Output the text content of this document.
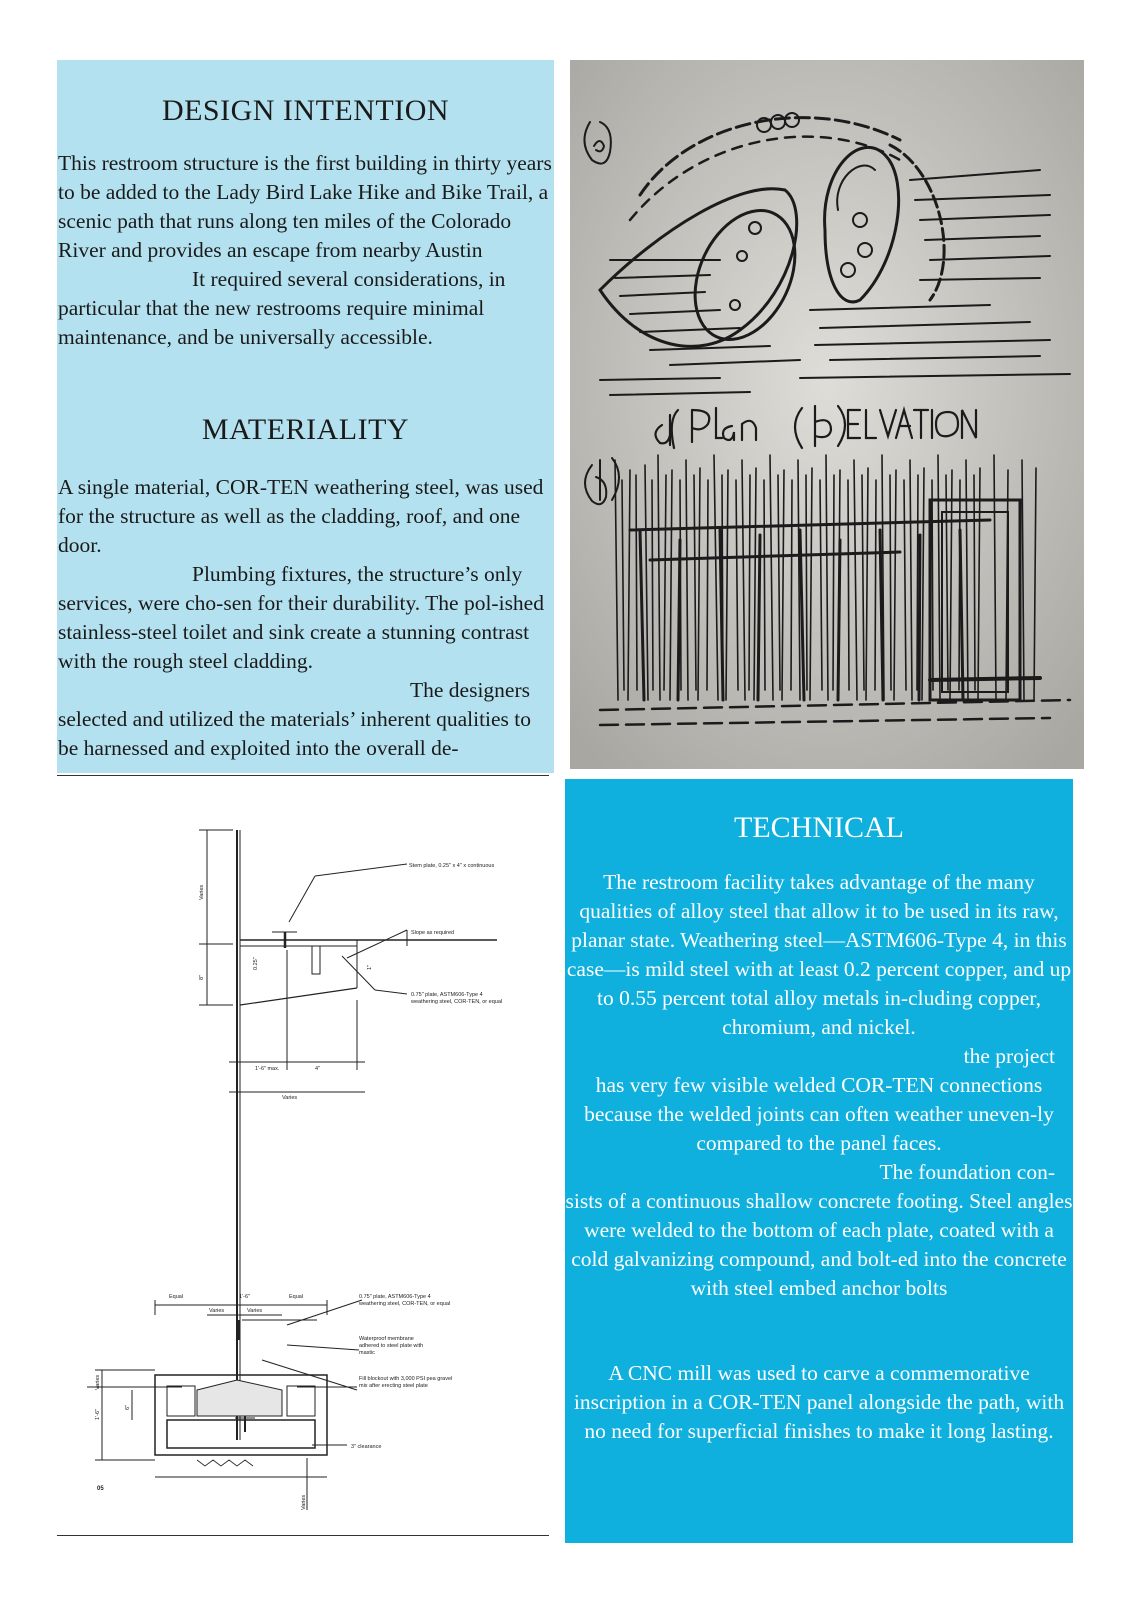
DESIGN INTENTION
This restroom structure is the first building in thirty years to be added to the Lady Bird Lake Hike and Bike Trail, a scenic path that runs along ten miles of the Colorado River and provides an escape from nearby Austin
It required several considerations, in particular that the new restrooms require minimal maintenance, and be universally accessible.
MATERIALITY
A single material, COR-TEN weathering steel, was used for the structure as well as the cladding, roof, and one door.
Plumbing fixtures, the structure’s only services, were cho-sen for their durability. The pol-ished stainless-steel toilet and sink create a stunning contrast with the rough steel cladding.
The designers
selected and utilized the materials’ inherent qualities to be harnessed and exploited into the overall de-
Stem plate, 0.25" x 4" x continuous
Slope as required
0.75" plate, ASTM606-Type 4
weathering steel, COR-TEN, or equal
1'-6" max.	4"
Varies
Equal	1'-6"	Equal
Varies	Varies
0.75" plate, ASTM606-Type 4
weathering steel, COR-TEN, or equal
Waterproof membrane
adhered to steel plate with
mastic
Fill blockout with 3,000 PSI pea gravel
mix after erecting steel plate
3" clearance
05
Varies
8"
0.25"	1"
1'-6"
6"
Varies
Varies
TECHNICAL
The restroom facility takes advantage of the many qualities of alloy steel that allow it to be used in its raw, planar state. Weathering steel—ASTM606-Type 4, in this case—is mild steel with at least 0.2 percent copper, and up to 0.55 percent total alloy metals in-cluding copper, chromium, and nickel.
the project
has very few visible welded COR-TEN connections because the welded joints can often weather uneven-ly compared to the panel faces.
The foundation con-
sists of a continuous shallow concrete footing. Steel angles were welded to the bottom of each plate, coated with a cold galvanizing compound, and bolt-ed into the concrete with steel embed anchor bolts
A CNC mill was used to carve a commemorative inscription in a COR-TEN panel alongside the path, with no need for superficial finishes to make it long lasting.
